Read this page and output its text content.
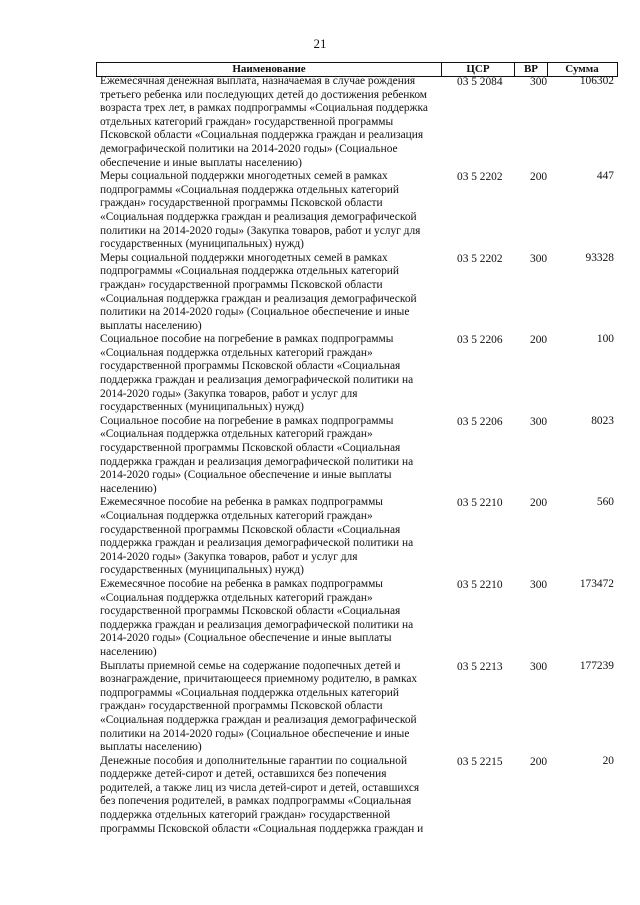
21
Наименование	ЦСР	ВР	Сумма
Ежемесячная денежная выплата, назначаемая в случае рождения
третьего ребенка или последующих детей до достижения ребенком
возраста трех лет, в рамках подпрограммы «Социальная поддержка
отдельных категорий граждан» государственной программы
Псковской области «Социальная поддержка граждан и реализация
демографической политики на 2014-2020 годы» (Социальное
обеспечение и иные выплаты населению)
03 5 2084	300	106302
Меры социальной поддержки многодетных семей в рамках
подпрограммы «Социальная поддержка отдельных категорий
граждан» государственной программы Псковской области
«Социальная поддержка граждан и реализация демографической
политики на 2014-2020 годы» (Закупка товаров, работ и услуг для
государственных (муниципальных) нужд)
03 5 2202	200	447
Меры социальной поддержки многодетных семей в рамках
подпрограммы «Социальная поддержка отдельных категорий
граждан» государственной программы Псковской области
«Социальная поддержка граждан и реализация демографической
политики на 2014-2020 годы» (Социальное обеспечение и иные
выплаты населению)
03 5 2202	300	93328
Социальное пособие на погребение в рамках подпрограммы
«Социальная поддержка отдельных категорий граждан»
государственной программы Псковской области «Социальная
поддержка граждан и реализация демографической политики на
2014-2020 годы» (Закупка товаров, работ и услуг для
государственных (муниципальных) нужд)
03 5 2206	200	100
Социальное пособие на погребение в рамках подпрограммы
«Социальная поддержка отдельных категорий граждан»
государственной программы Псковской области «Социальная
поддержка граждан и реализация демографической политики на
2014-2020 годы» (Социальное обеспечение и иные выплаты
населению)
03 5 2206	300	8023
Ежемесячное пособие на ребенка в рамках подпрограммы
«Социальная поддержка отдельных категорий граждан»
государственной программы Псковской области «Социальная
поддержка граждан и реализация демографической политики на
2014-2020 годы» (Закупка товаров, работ и услуг для
государственных (муниципальных) нужд)
03 5 2210	200	560
Ежемесячное пособие на ребенка в рамках подпрограммы
«Социальная поддержка отдельных категорий граждан»
государственной программы Псковской области «Социальная
поддержка граждан и реализация демографической политики на
2014-2020 годы» (Социальное обеспечение и иные выплаты
населению)
03 5 2210	300	173472
Выплаты приемной семье на содержание подопечных детей и
вознаграждение, причитающееся приемному родителю, в рамках
подпрограммы «Социальная поддержка отдельных категорий
граждан» государственной программы Псковской области
«Социальная поддержка граждан и реализация демографической
политики на 2014-2020 годы» (Социальное обеспечение и иные
выплаты населению)
03 5 2213	300	177239
Денежные пособия и дополнительные гарантии по социальной
поддержке детей-сирот и детей, оставшихся без попечения
родителей, а также лиц из числа детей-сирот и детей, оставшихся
без попечения родителей, в рамках подпрограммы «Социальная
поддержка отдельных категорий граждан» государственной
программы Псковской области «Социальная поддержка граждан и
03 5 2215	200	20
